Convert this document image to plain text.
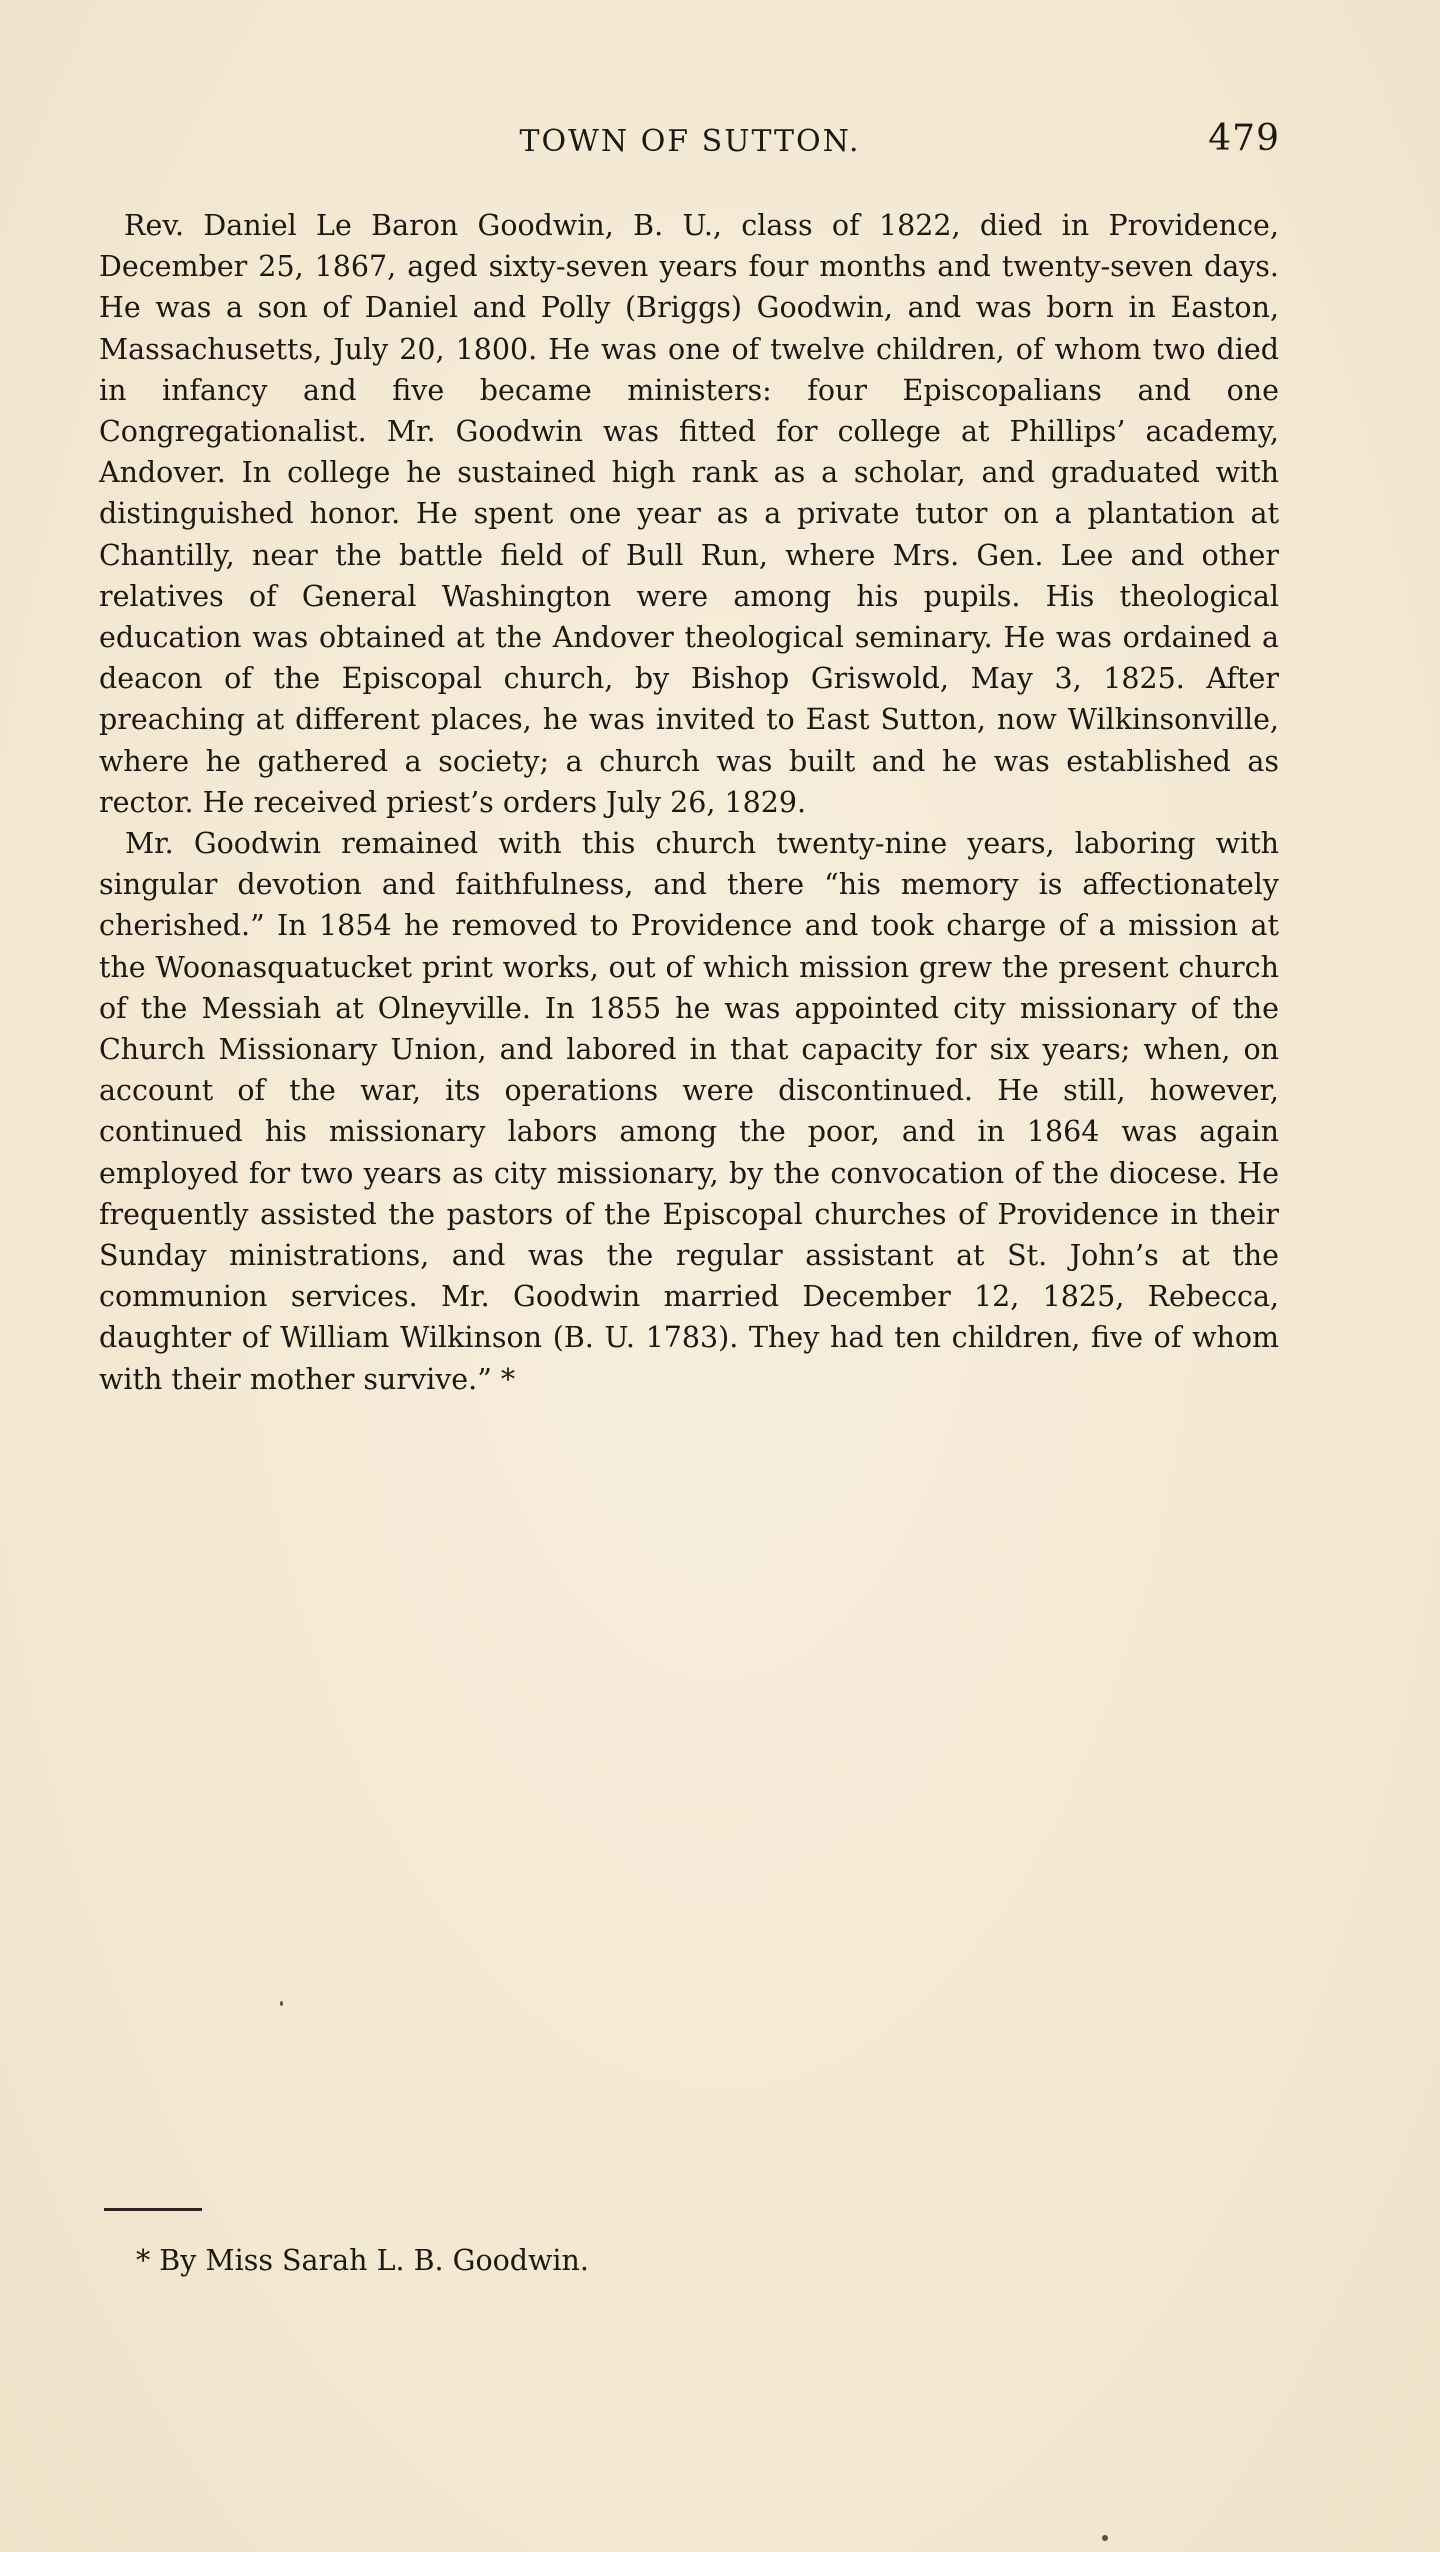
TOWN OF SUTTON.	479

Rev. Daniel Le Baron Goodwin, B. U., class of 1822, died in Providence, December 25, 1867, aged sixty-seven years four months and twenty-seven days. He was a son of Daniel and Polly (Briggs) Goodwin, and was born in Easton, Massachusetts, July 20, 1800. He was one of twelve children, of whom two died in infancy and five became ministers: four Episcopalians and one Congregationalist. Mr. Goodwin was fitted for college at Phillips’ academy, Andover. In college he sustained high rank as a scholar, and graduated with distinguished honor. He spent one year as a private tutor on a plantation at Chantilly, near the battle field of Bull Run, where Mrs. Gen. Lee and other relatives of General Washington were among his pupils. His theological education was obtained at the Andover theological seminary. He was ordained a deacon of the Episcopal church, by Bishop Griswold, May 3, 1825. After preaching at different places, he was invited to East Sutton, now Wilkinsonville, where he gathered a society; a church was built and he was established as rector. He received priest’s orders July 26, 1829.

Mr. Goodwin remained with this church twenty-nine years, laboring with singular devotion and faithfulness, and there “his memory is affectionately cherished.” In 1854 he removed to Providence and took charge of a mission at the Woonasquatucket print works, out of which mission grew the present church of the Messiah at Olneyville. In 1855 he was appointed city missionary of the Church Missionary Union, and labored in that capacity for six years; when, on account of the war, its operations were discontinued. He still, however, continued his missionary labors among the poor, and in 1864 was again employed for two years as city missionary, by the convocation of the diocese. He frequently assisted the pastors of the Episcopal churches of Providence in their Sunday ministrations, and was the regular assistant at St. John’s at the communion services. Mr. Goodwin married December 12, 1825, Rebecca, daughter of William Wilkinson (B. U. 1783). They had ten children, five of whom with their mother survive.” *

* By Miss Sarah L. B. Goodwin.
